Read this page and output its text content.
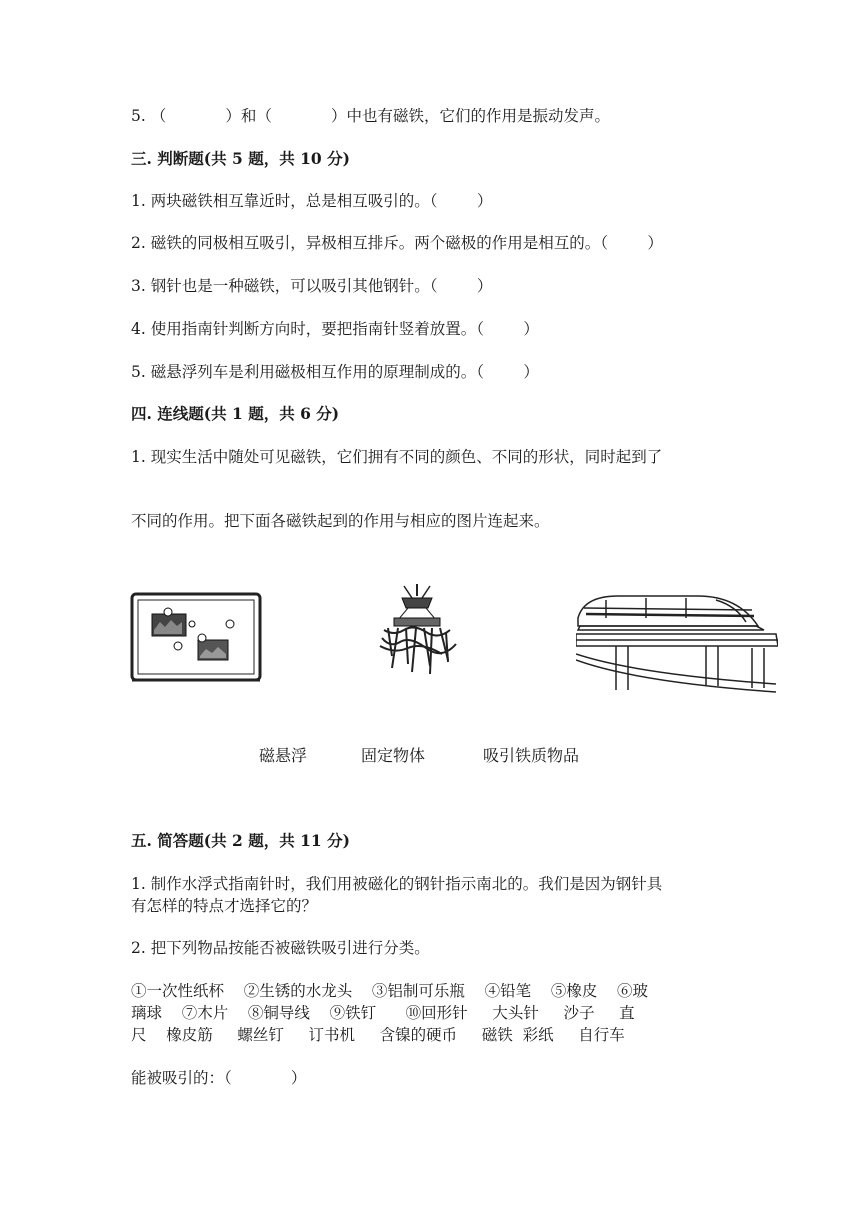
5. （            ）和（            ）中也有磁铁，它们的作用是振动发声。
三. 判断题(共 5 题，共 10 分)
1. 两块磁铁相互靠近时，总是相互吸引的。（        ）
2. 磁铁的同极相互吸引，异极相互排斥。两个磁极的作用是相互的。（        ）
3. 钢针也是一种磁铁，可以吸引其他钢针。（        ）
4. 使用指南针判断方向时，要把指南针竖着放置。（        ）
5. 磁悬浮列车是利用磁极相互作用的原理制成的。（        ）
四. 连线题(共 1 题，共 6 分)
1. 现实生活中随处可见磁铁，它们拥有不同的颜色、不同的形状，同时起到了
不同的作用。把下面各磁铁起到的作用与相应的图片连起来。
磁悬浮	固定物体	吸引铁质物品
五. 简答题(共 2 题，共 11 分)
1. 制作水浮式指南针时，我们用被磁化的钢针指示南北的。我们是因为钢针具
有怎样的特点才选择它的？
2. 把下列物品按能否被磁铁吸引进行分类。
①一次性纸杯    ②生锈的水龙头    ③铝制可乐瓶    ④铅笔    ⑤橡皮    ⑥玻
璃球    ⑦木片    ⑧铜导线    ⑨铁钉      ⑩回形针     大头针     沙子     直
尺    橡皮筋     螺丝钉     订书机     含镍的硬币     磁铁  彩纸     自行车
能被吸引的：（            ）
